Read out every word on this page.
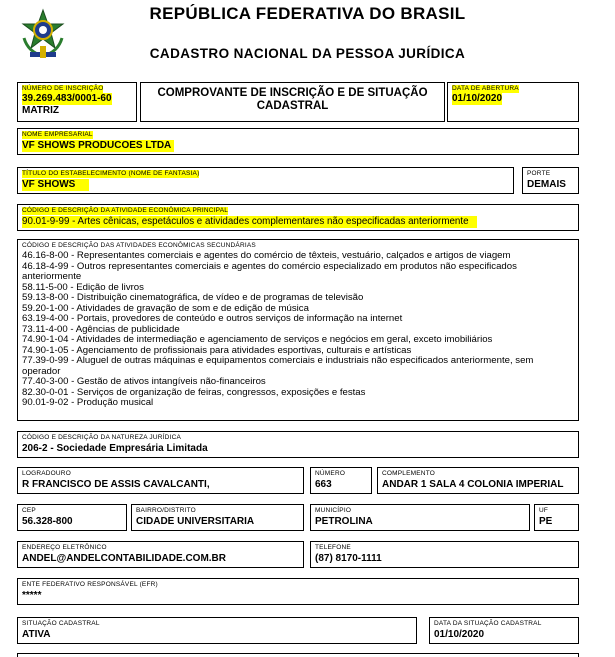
REPÚBLICA FEDERATIVA DO BRASIL
CADASTRO NACIONAL DA PESSOA JURÍDICA
NÚMERO DE INSCRIÇÃO
39.269.483/0001-60
MATRIZ
COMPROVANTE DE INSCRIÇÃO E DE SITUAÇÃO CADASTRAL
DATA DE ABERTURA
01/10/2020
NOME EMPRESARIAL
VF SHOWS PRODUCOES LTDA
TÍTULO DO ESTABELECIMENTO (NOME DE FANTASIA)
VF SHOWS
PORTE
DEMAIS
CÓDIGO E DESCRIÇÃO DA ATIVIDADE ECONÔMICA PRINCIPAL
90.01-9-99 - Artes cênicas, espetáculos e atividades complementares não especificadas anteriormente
CÓDIGO E DESCRIÇÃO DAS ATIVIDADES ECONÔMICAS SECUNDÁRIAS

46.16-8-00 - Representantes comerciais e agentes do comércio de têxteis, vestuário, calçados e artigos de viagem

46.18-4-99 - Outros representantes comerciais e agentes do comércio especializado em produtos não especificados

anteriormente

58.11-5-00 - Edição de livros

59.13-8-00 - Distribuição cinematográfica, de vídeo e de programas de televisão

59.20-1-00 - Atividades de gravação de som e de edição de música

63.19-4-00 - Portais, provedores de conteúdo e outros serviços de informação na internet

73.11-4-00 - Agências de publicidade

74.90-1-04 - Atividades de intermediação e agenciamento de serviços e negócios em geral, exceto imobiliários

74.90-1-05 - Agenciamento de profissionais para atividades esportivas, culturais e artísticas

77.39-0-99 - Aluguel de outras máquinas e equipamentos comerciais e industriais não especificados anteriormente, sem

operador

77.40-3-00 - Gestão de ativos intangíveis não-financeiros

82.30-0-01 - Serviços de organização de feiras, congressos, exposições e festas

90.01-9-02 - Produção musical

CÓDIGO E DESCRIÇÃO DA NATUREZA JURÍDICA
206-2 - Sociedade Empresária Limitada
LOGRADOURO
R FRANCISCO DE ASSIS CAVALCANTI,
NÚMERO
663
COMPLEMENTO
ANDAR 1 SALA 4 COLONIA IMPERIAL
CEP
56.328-800
BAIRRO/DISTRITO
CIDADE UNIVERSITARIA
MUNICÍPIO
PETROLINA
UF
PE
ENDEREÇO ELETRÔNICO
ANDEL@ANDELCONTABILIDADE.COM.BR
TELEFONE
(87) 8170-1111
ENTE FEDERATIVO RESPONSÁVEL (EFR)
*****
SITUAÇÃO CADASTRAL
ATIVA
DATA DA SITUAÇÃO CADASTRAL
01/10/2020
